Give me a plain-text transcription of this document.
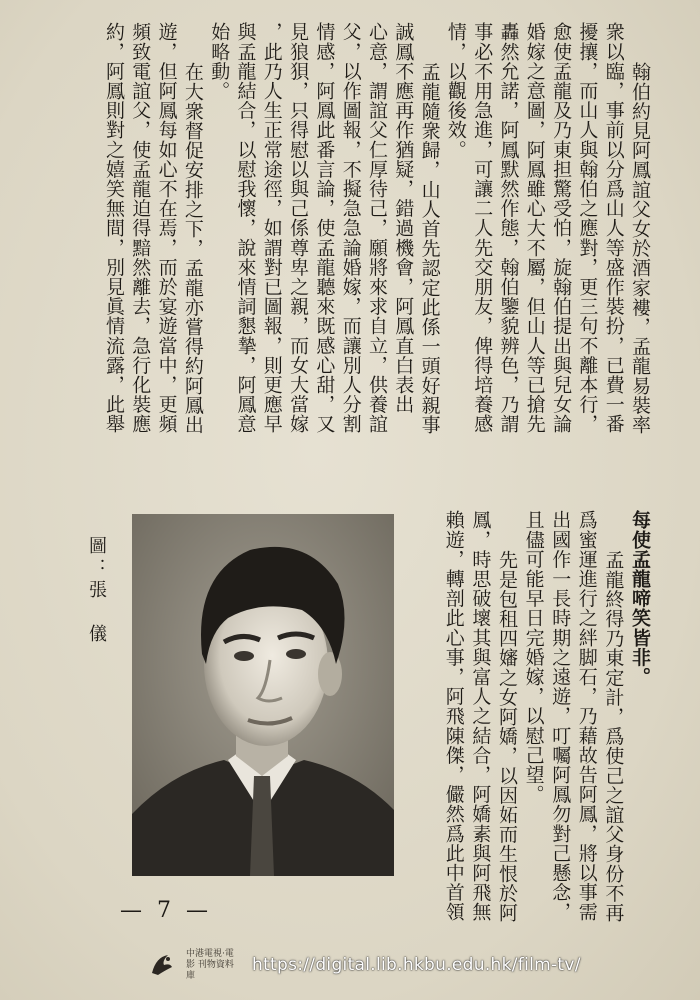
翰伯約見阿鳳誼父女於酒家褸，孟龍易裝率
衆以臨，事前以分爲山人等盛作裝扮，已費一番
擾攘，而山人與翰伯之應對，更三句不離本行，
愈使孟龍及乃東担驚受怕，旋翰伯提出與兒女論
婚嫁之意圖，阿鳳雖心大不屬，但山人等已搶先
轟然允諾，阿鳳默然作態，翰伯鑒貌辨色，乃謂
事必不用急進，可讓二人先交朋友，俾得培養感
情，以觀後效。
孟龍隨衆歸，山人首先認定此係一頭好親事
誠鳳不應再作猶疑，錯過機會，阿鳳直白表出
心意，謂誼父仁厚待己，願將來求自立，供養誼
父，以作圖報，不擬急急論婚嫁，而讓別人分割
情感，阿鳳此番言論，使孟龍聽來既感心甜，又
見狼狽，只得慰以與己係尊卑之親，而女大當嫁
，此乃人生正常途徑，如謂對已圖報，則更應早
與孟龍結合，以慰我懷，說來情詞懇摯，阿鳳意
始略動。
在大衆督促安排之下，孟龍亦嘗得約阿鳳出
遊，但阿鳳每如心不在焉，而於宴遊當中，更頻
頻致電誼父，使孟龍迫得黯然離去，急行化裝應
約，阿鳳則對之嬉笑無間，別見眞情流露，此舉
每使孟龍啼笑皆非。
孟龍終得乃東定計，爲使己之誼父身份不再
爲蜜運進行之絆脚石，乃藉故告阿鳳，將以事需
出國作一長時期之遠遊，叮囑阿鳳勿對己懸念，
且儘可能早日完婚嫁，以慰己望。
先是包租四嬸之女阿嬌，以因妬而生恨於阿
鳳，時思破壞其與富人之結合，阿嬌素與阿飛無
賴遊，轉剖此心事，阿飛陳傑，儼然爲此中首領
圖：張　儀
— 7 —
中港電視·電影 刊物資料庫
https://digital.lib.hkbu.edu.hk/film-tv/
